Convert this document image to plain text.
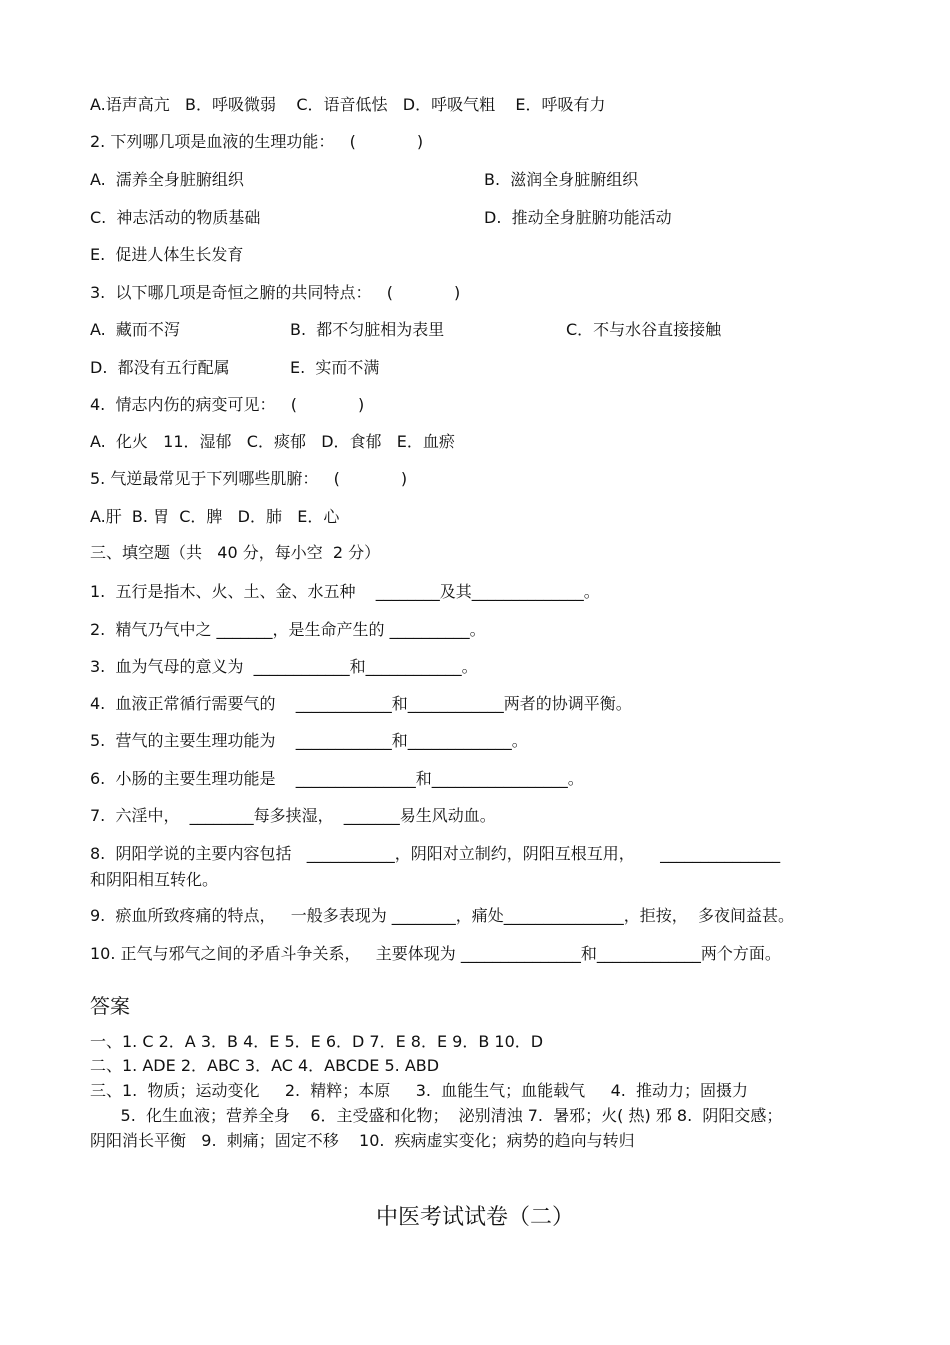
A.语声高亢   B．呼吸微弱    C．语音低怯   D．呼吸气粗    E．呼吸有力
2. 下列哪几项是血液的生理功能：   (            )
A.  濡养全身脏腑组织	B.  滋润全身脏腑组织
C.  神志活动的物质基础	D.  推动全身脏腑功能活动
E.  促进人体生长发育
3.  以下哪几项是奇恒之腑的共同特点：   (            )
A.  藏而不泻	B.  都不匀脏相为表里	C．不与水谷直接接触
D.  都没有五行配属	E.  实而不满
4.  情志内伤的病变可见：   (            )
A.  化火   11．湿郁   C．痰郁   D．食郁   E．血瘀
5. 气逆最常见于下列哪些肌腑：   (            )
A.肝  B. 胃  C．脾   D．肺   E．心
三、填空题（共   40 分，每小空  2 分）
1.  五行是指木、火、土、金、水五种    ________及其______________。
2.  精气乃气中之 _______，是生命产生的 __________。
3.  血为气母的意义为  ____________和____________。
4.  血液正常循行需要气的    ____________和____________两者的协调平衡。
5.  营气的主要生理功能为    ____________和_____________。
6.  小肠的主要生理功能是    _______________和_________________。
7.  六淫中，  ________每多挟湿，  _______易生风动血。
8.  阴阳学说的主要内容包括   ___________，阴阳对立制约，阴阳互根互用，     _______________
和阴阳相互转化。
9.  瘀血所致疼痛的特点，   一般多表现为 ________，痛处_______________，拒按，  多夜间益甚。
10. 正气与邪气之间的矛盾斗争关系，   主要体现为 _______________和_____________两个方面。
答案
一、1. C 2．A 3．B 4．E 5．E 6．D 7．E 8．E 9．B 10．D
二、1. ADE 2．ABC 3．AC 4．ABCDE 5. ABD
三、1.  物质；运动变化     2.  精粹；本原     3.  血能生气；血能载气     4.  推动力；固摄力
5.  化生血液；营养全身    6．主受盛和化物；  泌别清浊 7.  暑邪；火( 热) 邪 8.  阴阳交感；
阴阳消长平衡   9.  刺痛；固定不移    10.  疾病虚实变化；病势的趋向与转归
中医考试试卷（二）
